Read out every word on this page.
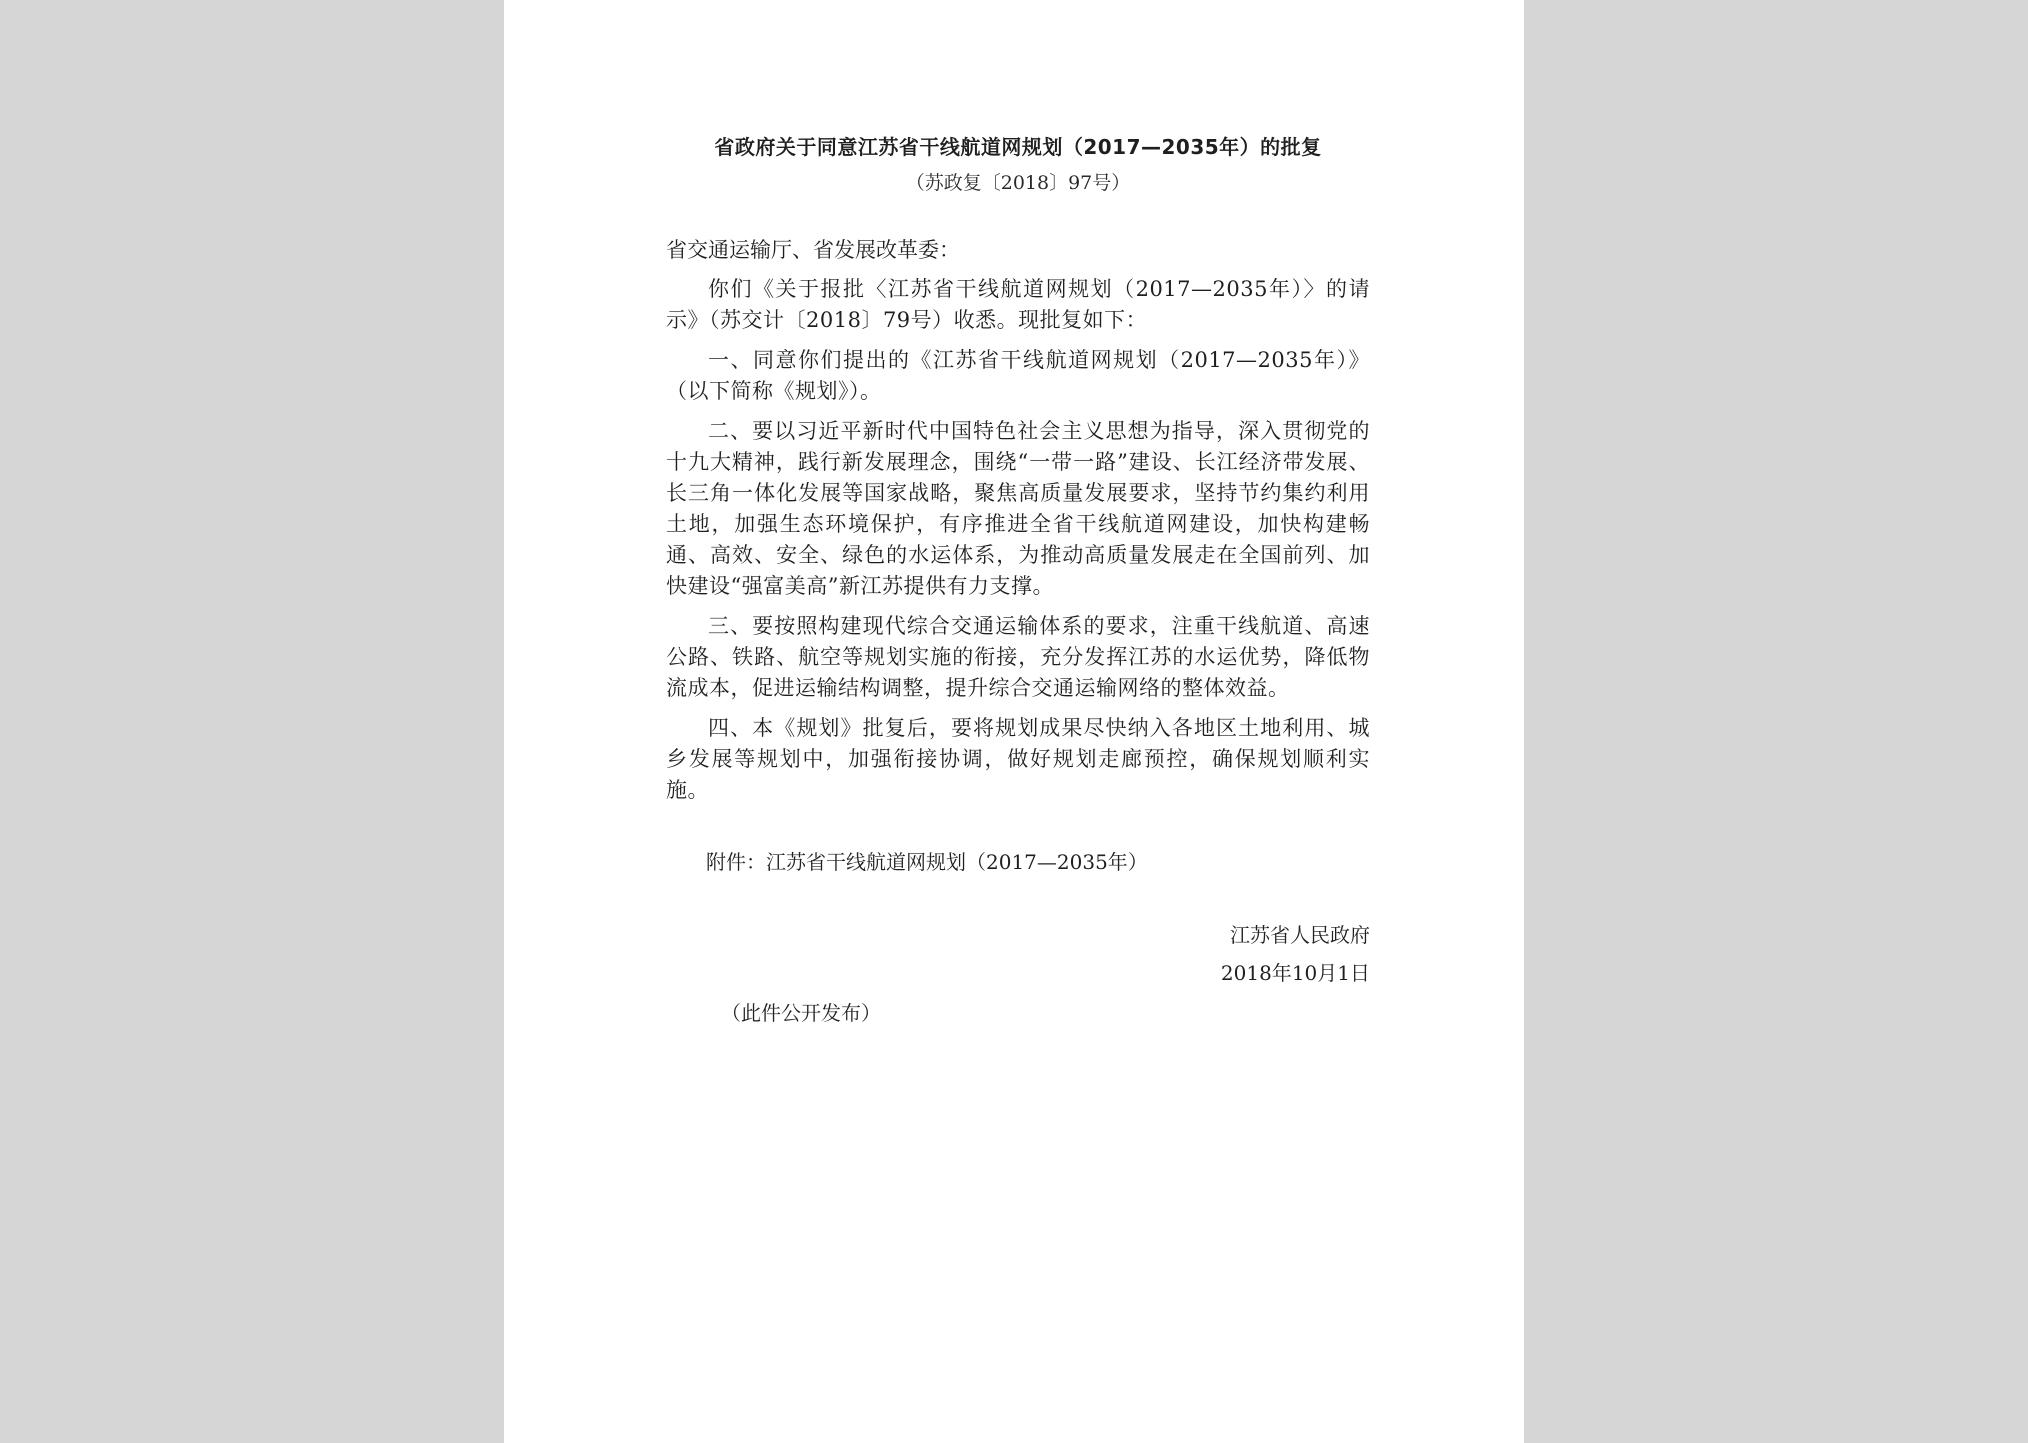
省政府关于同意江苏省干线航道网规划（2017—2035年）的批复

（苏政复〔2018〕97号）

省交通运输厅、省发展改革委：

你们《关于报批〈江苏省干线航道网规划（2017—2035年）〉的请示》（苏交计〔2018〕79号）收悉。现批复如下：

一、同意你们提出的《江苏省干线航道网规划（2017—2035年）》（以下简称《规划》）。

二、要以习近平新时代中国特色社会主义思想为指导，深入贯彻党的十九大精神，践行新发展理念，围绕“一带一路”建设、长江经济带发展、长三角一体化发展等国家战略，聚焦高质量发展要求，坚持节约集约利用土地，加强生态环境保护，有序推进全省干线航道网建设，加快构建畅通、高效、安全、绿色的水运体系，为推动高质量发展走在全国前列、加快建设“强富美高”新江苏提供有力支撑。

三、要按照构建现代综合交通运输体系的要求，注重干线航道、高速公路、铁路、航空等规划实施的衔接，充分发挥江苏的水运优势，降低物流成本，促进运输结构调整，提升综合交通运输网络的整体效益。

四、本《规划》批复后，要将规划成果尽快纳入各地区土地利用、城乡发展等规划中，加强衔接协调，做好规划走廊预控，确保规划顺利实施。

附件：江苏省干线航道网规划（2017—2035年）

江苏省人民政府

2018年10月1日

（此件公开发布）
